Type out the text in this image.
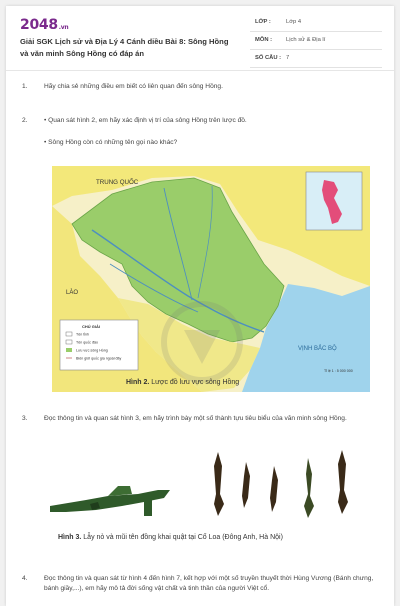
2048.vn
Giải SGK Lịch sử và Địa Lý 4 Cánh diều Bài 8: Sông Hồng và văn minh Sông Hồng có đáp án
LỚP :	Lớp 4
MÔN : Lịch sử & Địa lí
SỐ CÂU : 7
1.	Hãy chia sẻ những điều em biết có liên quan đến sông Hồng.
2.	• Quan sát hình 2, em hãy xác định vị trí của sông Hồng trên lược đồ.
• Sông Hồng còn có những tên gọi nào khác?
TRUNG QUỐC
LÀO
VỊNH BẮC BỘ
Tỉ lệ 1 : 5 000 000
CHÚ GIẢI
Tên tỉnh
Tên quốc đảo
Lưu vực sông Hồng
Biên giới quốc gia ngoài đây
Hình 2. Lược đồ lưu vực sông Hồng
3.	Đọc thông tin và quan sát hình 3, em hãy trình bày một số thành tựu tiêu biểu của văn minh sông Hồng.
Hình 3. Lẫy nỏ và mũi tên đồng khai quật tại Cổ Loa (Đông Anh, Hà Nội)
4.	Đọc thông tin và quan sát từ hình 4 đến hình 7, kết hợp với một số truyền thuyết thời Hùng Vương (Bánh chưng, bánh giầy,...), em hãy mô tả đời sống vật chất và tinh thần của người Việt cổ.
